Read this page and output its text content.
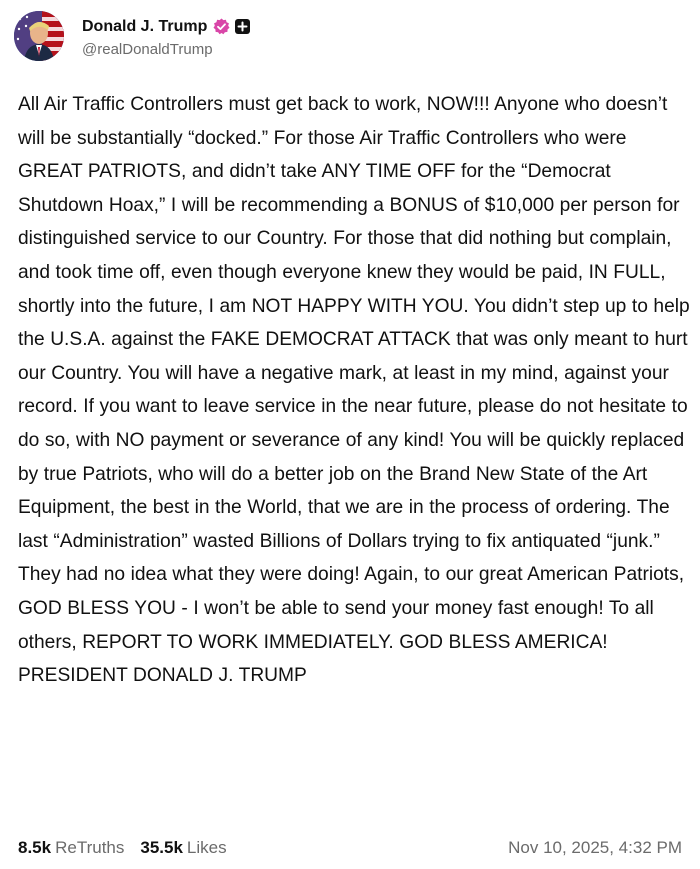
Donald J. Trump
@realDonaldTrump
All Air Traffic Controllers must get back to work, NOW!!! Anyone who doesn’t will be substantially “docked.” For those Air Traffic Controllers who were GREAT PATRIOTS, and didn’t take ANY TIME OFF for the “Democrat Shutdown Hoax,” I will be recommending a BONUS of $10,000 per person for distinguished service to our Country. For those that did nothing but complain, and took time off, even though everyone knew they would be paid, IN FULL, shortly into the future, I am NOT HAPPY WITH YOU. You didn’t step up to help the U.S.A. against the FAKE DEMOCRAT ATTACK that was only meant to hurt our Country. You will have a negative mark, at least in my mind, against your record. If you want to leave service in the near future, please do not hesitate to do so, with NO payment or severance of any kind! You will be quickly replaced by true Patriots, who will do a better job on the Brand New State of the Art Equipment, the best in the World, that we are in the process of ordering. The last “Administration” wasted Billions of Dollars trying to fix antiquated “junk.” They had no idea what they were doing! Again, to our great American Patriots, GOD BLESS YOU - I won’t be able to send your money fast enough! To all others, REPORT TO WORK IMMEDIATELY. GOD BLESS AMERICA! PRESIDENT DONALD J. TRUMP
8.5k ReTruths 35.5k Likes	Nov 10, 2025, 4:32 PM
